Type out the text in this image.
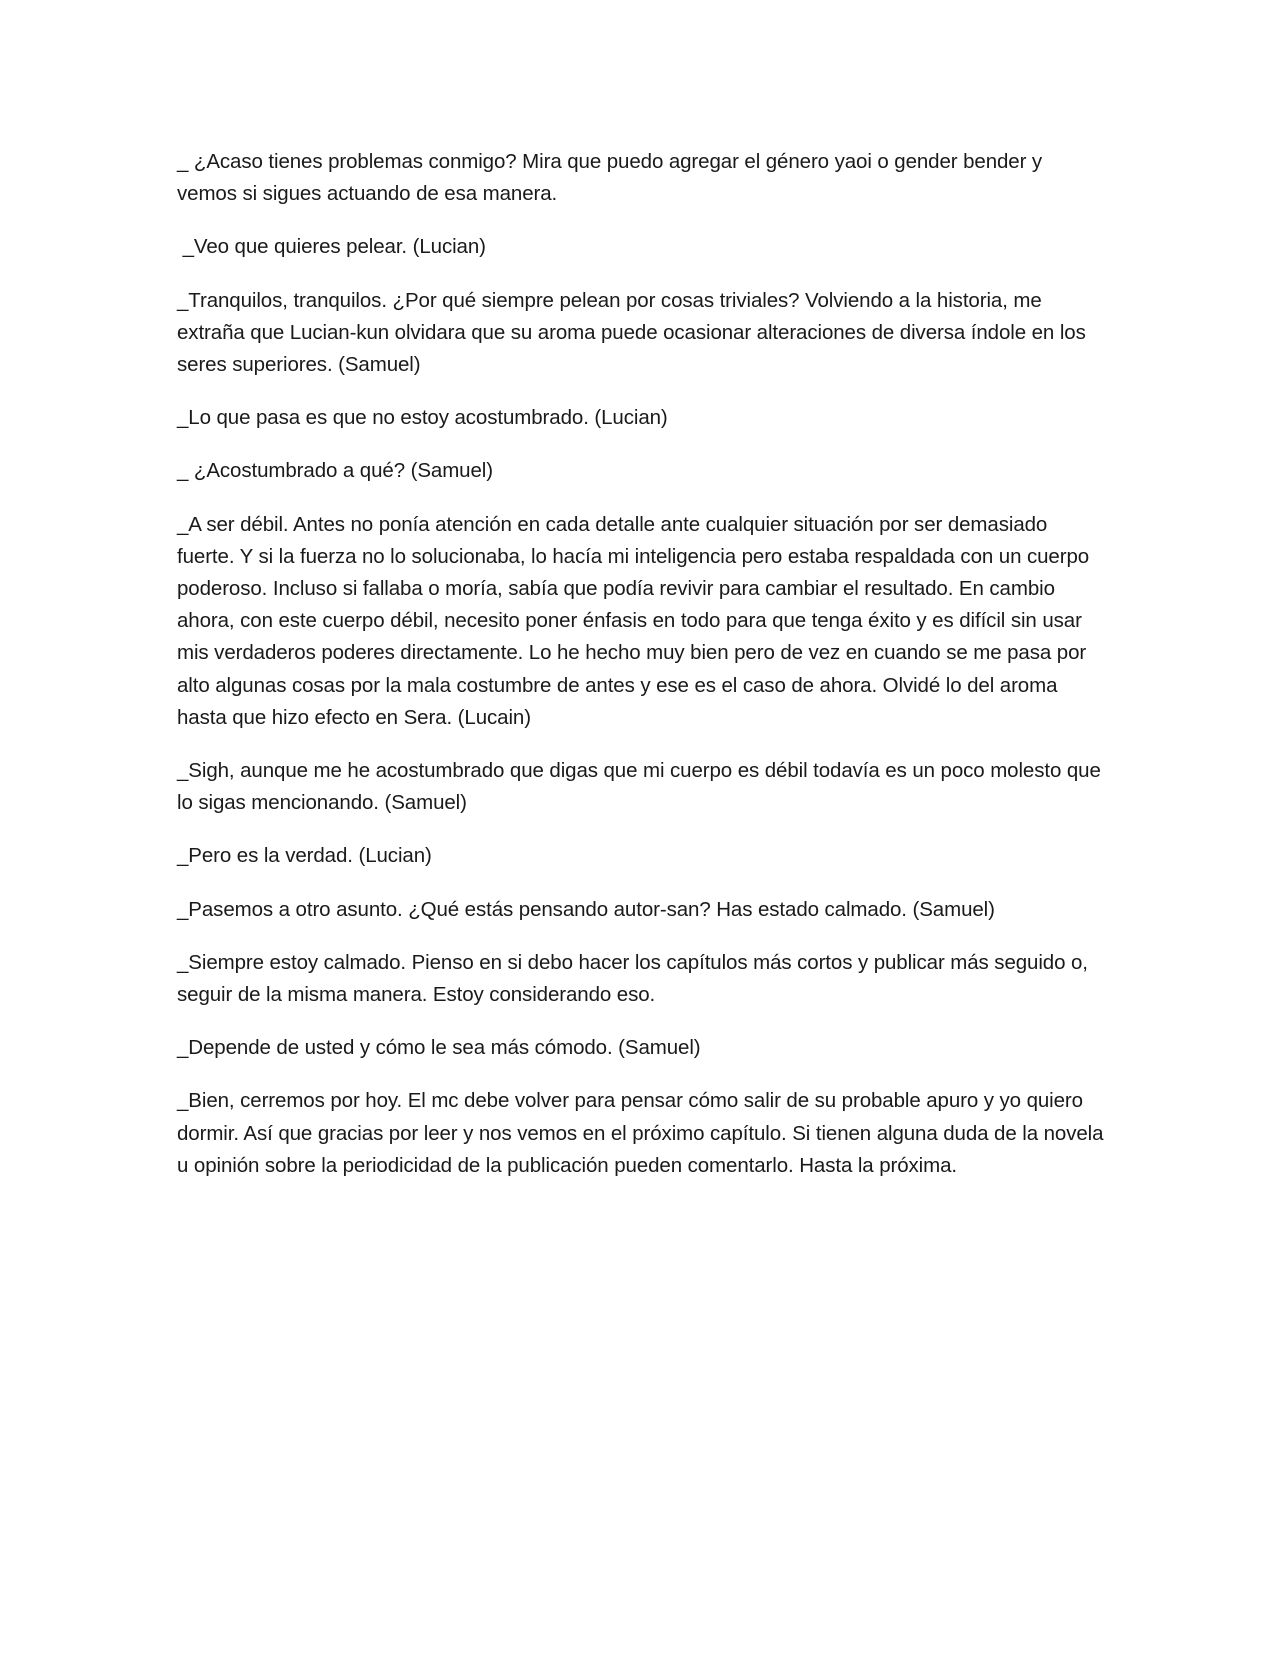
_ ¿Acaso tienes problemas conmigo? Mira que puedo agregar el género yaoi o gender bender y vemos si sigues actuando de esa manera.

_Veo que quieres pelear. (Lucian)

_Tranquilos, tranquilos. ¿Por qué siempre pelean por cosas triviales? Volviendo a la historia, me extraña que Lucian-kun olvidara que su aroma puede ocasionar alteraciones de diversa índole en los seres superiores. (Samuel)

_Lo que pasa es que no estoy acostumbrado. (Lucian)

_ ¿Acostumbrado a qué? (Samuel)

_A ser débil. Antes no ponía atención en cada detalle ante cualquier situación por ser demasiado fuerte. Y si la fuerza no lo solucionaba, lo hacía mi inteligencia pero estaba respaldada con un cuerpo poderoso. Incluso si fallaba o moría, sabía que podía revivir para cambiar el resultado. En cambio ahora, con este cuerpo débil, necesito poner énfasis en todo para que tenga éxito y es difícil sin usar mis verdaderos poderes directamente. Lo he hecho muy bien pero de vez en cuando se me pasa por alto algunas cosas por la mala costumbre de antes y ese es el caso de ahora. Olvidé lo del aroma hasta que hizo efecto en Sera. (Lucain)

_Sigh, aunque me he acostumbrado que digas que mi cuerpo es débil todavía es un poco molesto que lo sigas mencionando. (Samuel)

_Pero es la verdad. (Lucian)

_Pasemos a otro asunto. ¿Qué estás pensando autor-san? Has estado calmado. (Samuel)

_Siempre estoy calmado. Pienso en si debo hacer los capítulos más cortos y publicar más seguido o, seguir de la misma manera. Estoy considerando eso.

_Depende de usted y cómo le sea más cómodo. (Samuel)

_Bien, cerremos por hoy. El mc debe volver para pensar cómo salir de su probable apuro y yo quiero dormir. Así que gracias por leer y nos vemos en el próximo capítulo. Si tienen alguna duda de la novela u opinión sobre la periodicidad de la publicación pueden comentarlo. Hasta la próxima.
